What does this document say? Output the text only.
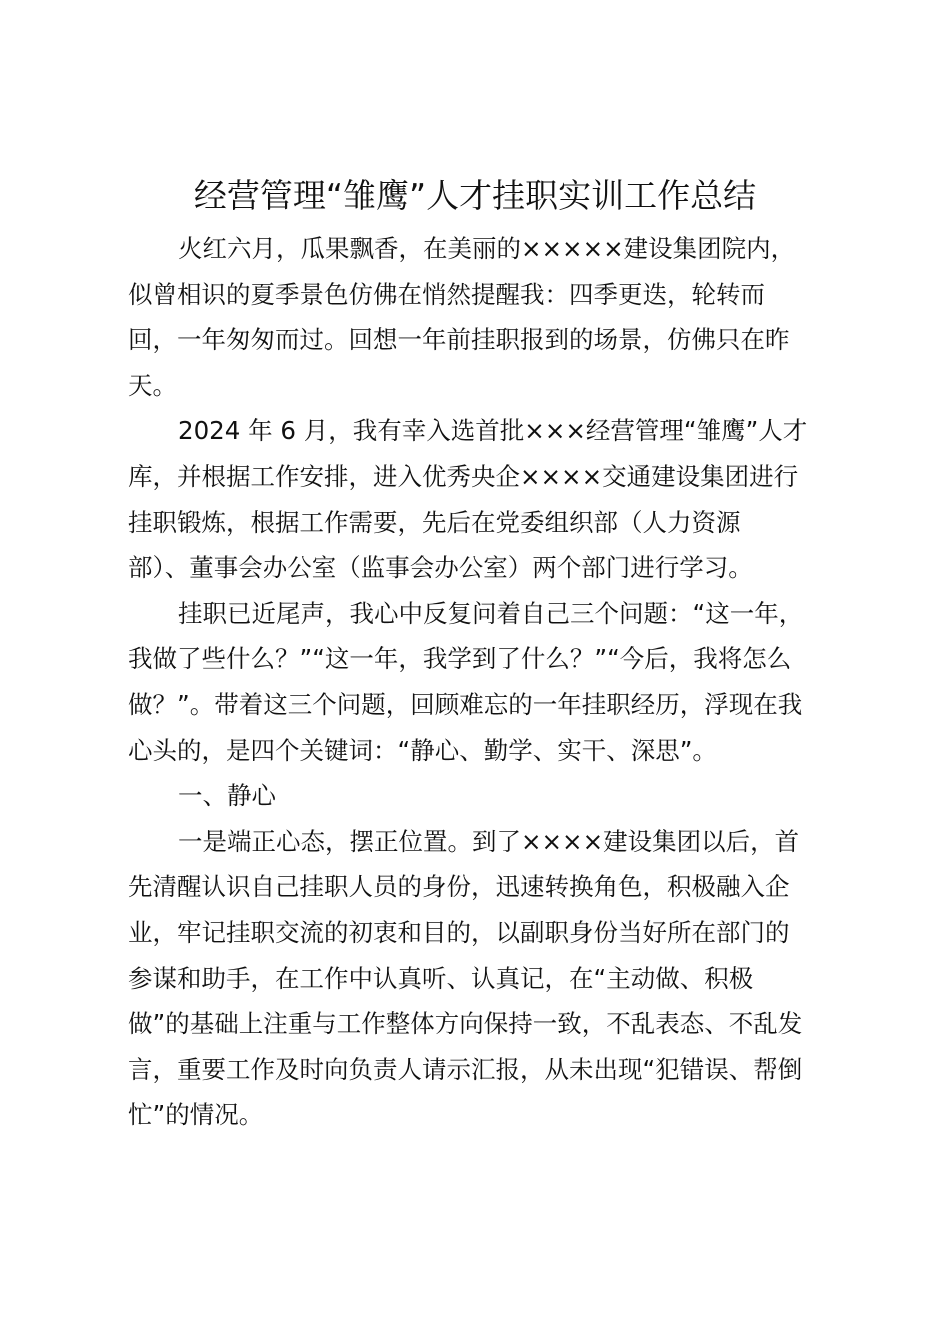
经营管理“雏鹰”人才挂职实训工作总结
火红六月，瓜果飘香，在美丽的×××××建设集团院内，
似曾相识的夏季景色仿佛在悄然提醒我：四季更迭，轮转而
回，一年匆匆而过。回想一年前挂职报到的场景，仿佛只在昨
天。
2024 年 6 月，我有幸入选首批×××经营管理“雏鹰”人才
库，并根据工作安排，进入优秀央企××××交通建设集团进行
挂职锻炼，根据工作需要，先后在党委组织部（人力资源
部）、董事会办公室（监事会办公室）两个部门进行学习。
挂职已近尾声，我心中反复问着自己三个问题：“这一年，
我做了些什么？”“这一年，我学到了什么？”“今后，我将怎么
做？”。带着这三个问题，回顾难忘的一年挂职经历，浮现在我
心头的，是四个关键词：“静心、勤学、实干、深思”。
一、静心
一是端正心态，摆正位置。到了××××建设集团以后，首
先清醒认识自己挂职人员的身份，迅速转换角色，积极融入企
业，牢记挂职交流的初衷和目的，以副职身份当好所在部门的
参谋和助手，在工作中认真听、认真记，在“主动做、积极
做”的基础上注重与工作整体方向保持一致，不乱表态、不乱发
言，重要工作及时向负责人请示汇报，从未出现“犯错误、帮倒
忙”的情况。
